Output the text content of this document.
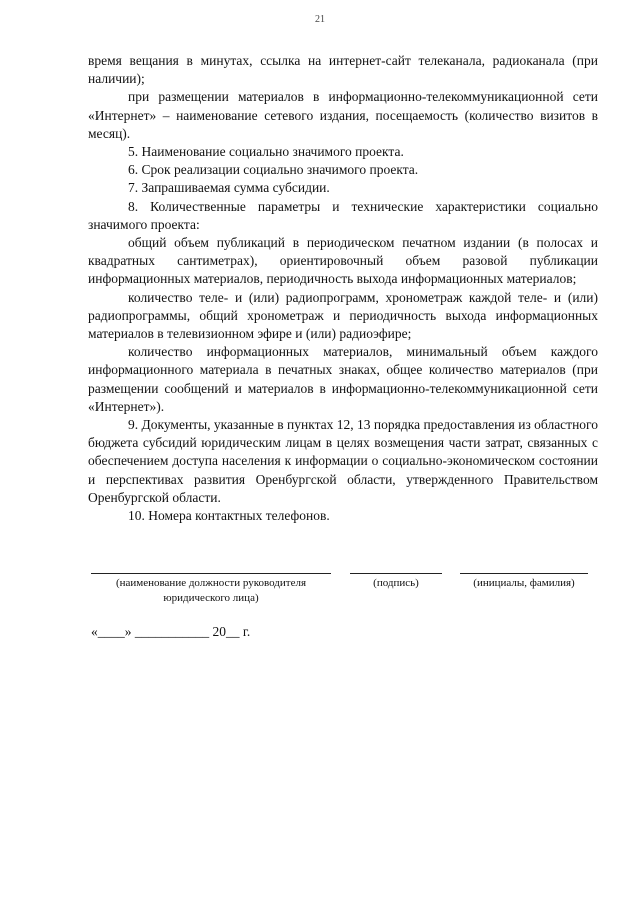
21

время вещания в минутах, ссылка на интернет-сайт телеканала, радиоканала (при наличии);

при размещении материалов в информационно-телекоммуникационной сети «Интернет» – наименование сетевого издания, посещаемость (количество визитов в месяц).

5. Наименование социально значимого проекта.

6. Срок реализации социально значимого проекта.

7. Запрашиваемая сумма субсидии.

8. Количественные параметры и технические характеристики социально значимого проекта:

общий объем публикаций в периодическом печатном издании (в полосах и квадратных сантиметрах), ориентировочный объем разовой публикации информационных материалов, периодичность выхода информационных материалов;

количество теле- и (или) радиопрограмм, хронометраж каждой теле- и (или) радиопрограммы, общий хронометраж и периодичность выхода информационных материалов в телевизионном эфире и (или) радиоэфире;

количество информационных материалов, минимальный объем каждого информационного материала в печатных знаках, общее количество материалов (при размещении сообщений и материалов в информационно-телекоммуникационной сети «Интернет»).

9. Документы, указанные в пунктах 12, 13 порядка предоставления из областного бюджета субсидий юридическим лицам в целях возмещения части затрат, связанных с обеспечением доступа населения к информации о социально-экономическом состоянии и перспективах развития Оренбургской области, утвержденного Правительством Оренбургской области.

10. Номера контактных телефонов.

(наименование должности руководителя юридического лица)
(подпись)	(инициалы, фамилия)
«____» ___________ 20__ г.
